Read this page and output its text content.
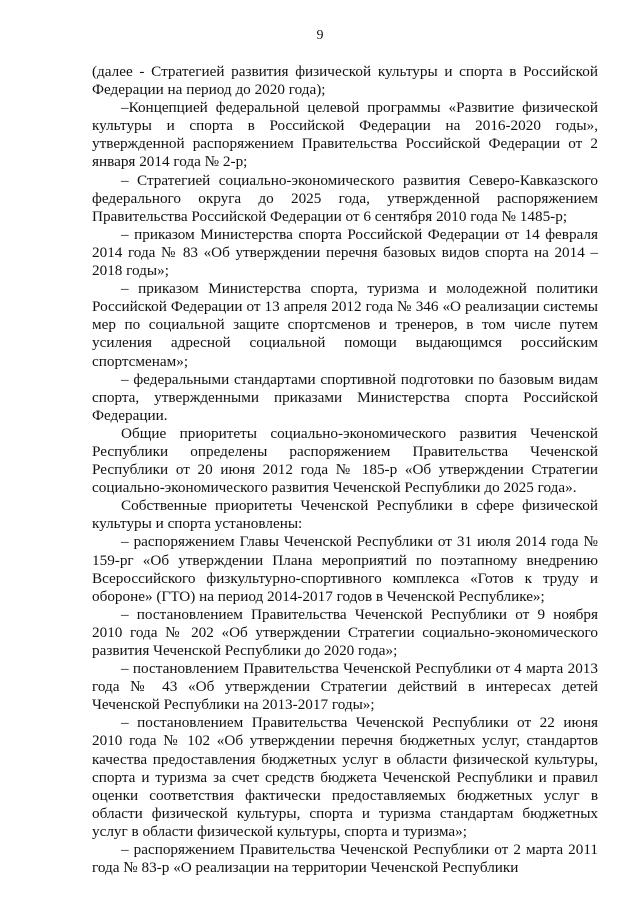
9

(далее - Стратегией развития физической культуры и спорта в Российской Федерации на период до 2020 года);

–Концепцией федеральной целевой программы «Развитие физической культуры и спорта в Российской Федерации на 2016-2020 годы», утвержденной распоряжением Правительства Российской Федерации от 2 января 2014 года № 2-р;

– Стратегией социально-экономического развития Северо-Кавказского федерального округа до 2025 года, утвержденной распоряжением Правительства Российской Федерации от 6 сентября 2010 года № 1485-р;

– приказом Министерства спорта Российской Федерации от 14 февраля 2014 года № 83 «Об утверждении перечня базовых видов спорта на 2014 – 2018 годы»;

– приказом Министерства спорта, туризма и молодежной политики Российской Федерации от 13 апреля 2012 года № 346 «О реализации системы мер по социальной защите спортсменов и тренеров, в том числе путем усиления адресной социальной помощи выдающимся российским спортсменам»;

– федеральными стандартами спортивной подготовки по базовым видам спорта, утвержденными приказами Министерства спорта Российской Федерации.

Общие приоритеты социально-экономического развития Чеченской Республики определены распоряжением Правительства Чеченской Республики от 20 июня 2012 года № 185-р «Об утверждении Стратегии социально-экономического развития Чеченской Республики до 2025 года».

Собственные приоритеты Чеченской Республики в сфере физической культуры и спорта установлены:

– распоряжением Главы Чеченской Республики от 31 июля 2014 года № 159-рг «Об утверждении Плана мероприятий по поэтапному внедрению Всероссийского физкультурно-спортивного комплекса «Готов к труду и обороне» (ГТО) на период 2014-2017 годов в Чеченской Республике»;

– постановлением Правительства Чеченской Республики от 9 ноября 2010 года № 202 «Об утверждении Стратегии социально-экономического развития Чеченской Республики до 2020 года»;

– постановлением Правительства Чеченской Республики от 4 марта 2013 года № 43 «Об утверждении Стратегии действий в интересах детей Чеченской Республики на 2013-2017 годы»;

– постановлением Правительства Чеченской Республики от 22 июня 2010 года № 102 «Об утверждении перечня бюджетных услуг, стандартов качества предоставления бюджетных услуг в области физической культуры, спорта и туризма за счет средств бюджета Чеченской Республики и правил оценки соответствия фактически предоставляемых бюджетных услуг в области физической культуры, спорта и туризма стандартам бюджетных услуг в области физической культуры, спорта и туризма»;

– распоряжением Правительства Чеченской Республики от 2 марта 2011 года № 83-р «О реализации на территории Чеченской Республики
